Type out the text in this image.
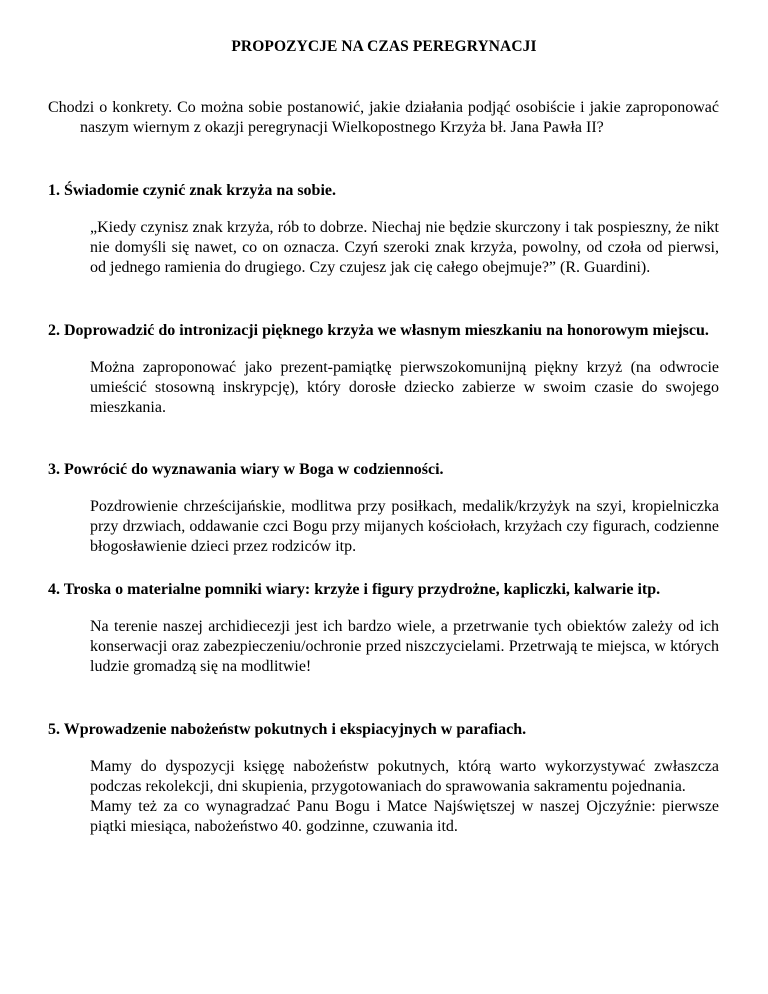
PROPOZYCJE NA CZAS PEREGRYNACJI
Chodzi o konkrety. Co można sobie postanowić, jakie działania podjąć osobiście i jakie zaproponować naszym wiernym z okazji peregrynacji Wielkopostnego Krzyża bł. Jana Pawła II?
1. Świadomie czynić znak krzyża na sobie.

„Kiedy czynisz znak krzyża, rób to dobrze. Niechaj nie będzie skurczony i tak pospieszny, że nikt nie domyśli się nawet, co on oznacza. Czyń szeroki znak krzyża, powolny, od czoła od pierwsi, od jednego ramienia do drugiego. Czy czujesz jak cię całego obejmuje?” (R. Guardini).

2. Doprowadzić do intronizacji pięknego krzyża we własnym mieszkaniu na honorowym miejscu.

Można zaproponować jako prezent-pamiątkę pierwszokomunijną piękny krzyż (na odwrocie umieścić stosowną inskrypcję), który dorosłe dziecko zabierze w swoim czasie do swojego mieszkania.

3. Powrócić do wyznawania wiary w Boga w codzienności.

Pozdrowienie chrześcijańskie, modlitwa przy posiłkach, medalik/krzyżyk na szyi, kropielniczka przy drzwiach, oddawanie czci Bogu przy mijanych kościołach, krzyżach czy figurach, codzienne błogosławienie dzieci przez rodziców itp.

4. Troska o materialne pomniki wiary: krzyże i figury przydrożne, kapliczki, kalwarie itp.

Na terenie naszej archidiecezji jest ich bardzo wiele, a przetrwanie tych obiektów zależy od ich konserwacji oraz zabezpieczeniu/ochronie przed niszczycielami. Przetrwają te miejsca, w których ludzie gromadzą się na modlitwie!

5. Wprowadzenie nabożeństw pokutnych i ekspiacyjnych w parafiach.

Mamy do dyspozycji księgę nabożeństw pokutnych, którą warto wykorzystywać zwłaszcza podczas rekolekcji, dni skupienia, przygotowaniach do sprawowania sakramentu pojednania.

Mamy też za co wynagradzać Panu Bogu i Matce Najświętszej w naszej Ojczyźnie: pierwsze piątki miesiąca, nabożeństwo 40. godzinne, czuwania itd.
